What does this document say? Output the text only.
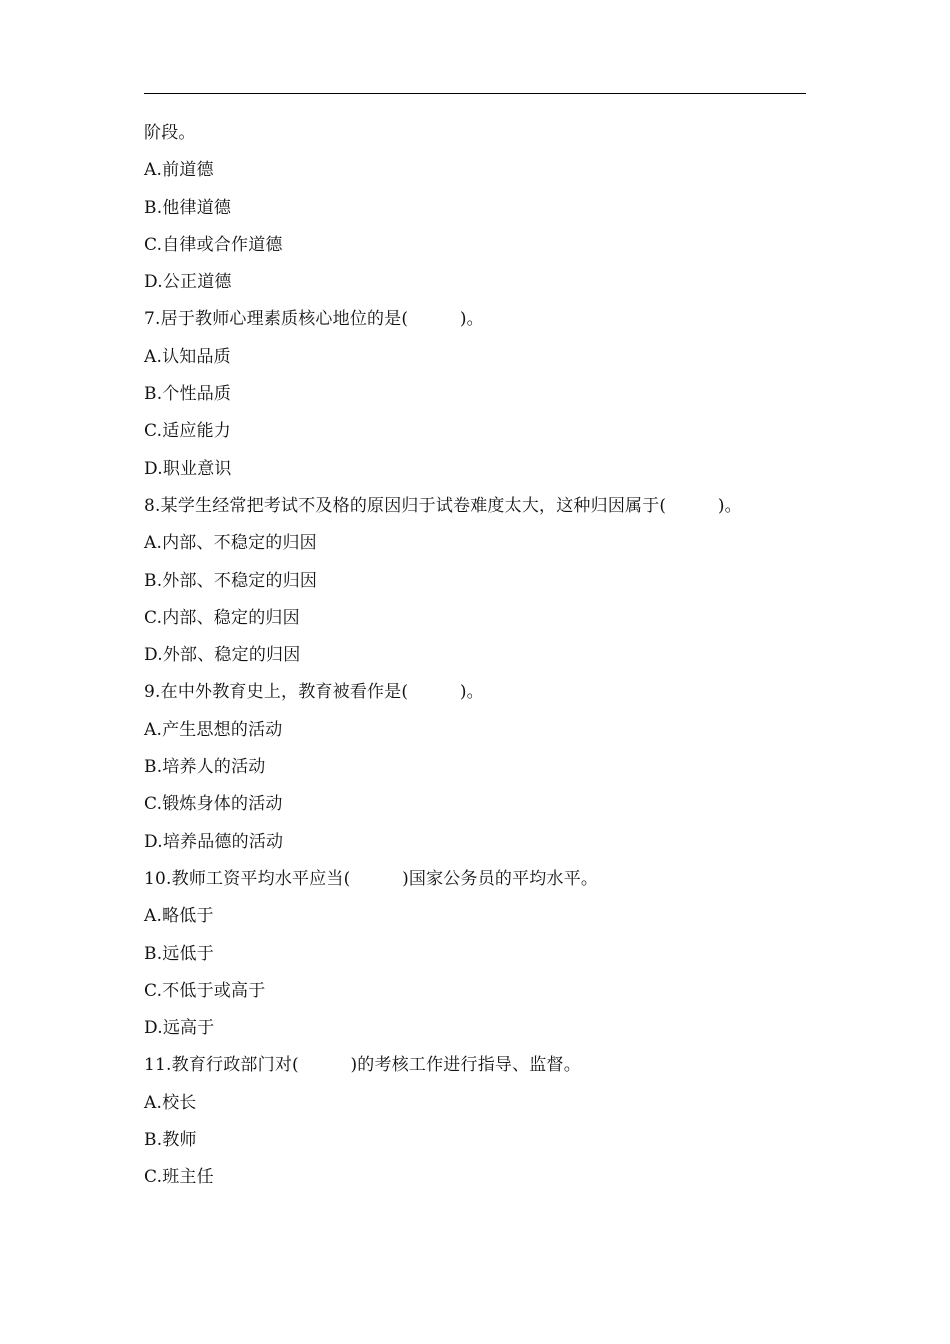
阶段。
A.前道德
B.他律道德
C.自律或合作道德
D.公正道德
7.居于教师心理素质核心地位的是(　　　)。
A.认知品质
B.个性品质
C.适应能力
D.职业意识
8.某学生经常把考试不及格的原因归于试卷难度太大，这种归因属于(　　　)。
A.内部、不稳定的归因
B.外部、不稳定的归因
C.内部、稳定的归因
D.外部、稳定的归因
9.在中外教育史上，教育被看作是(　　　)。
A.产生思想的活动
B.培养人的活动
C.锻炼身体的活动
D.培养品德的活动
10.教师工资平均水平应当(　　　)国家公务员的平均水平。
A.略低于
B.远低于
C.不低于或高于
D.远高于
11.教育行政部门对(　　　)的考核工作进行指导、监督。
A.校长
B.教师
C.班主任
